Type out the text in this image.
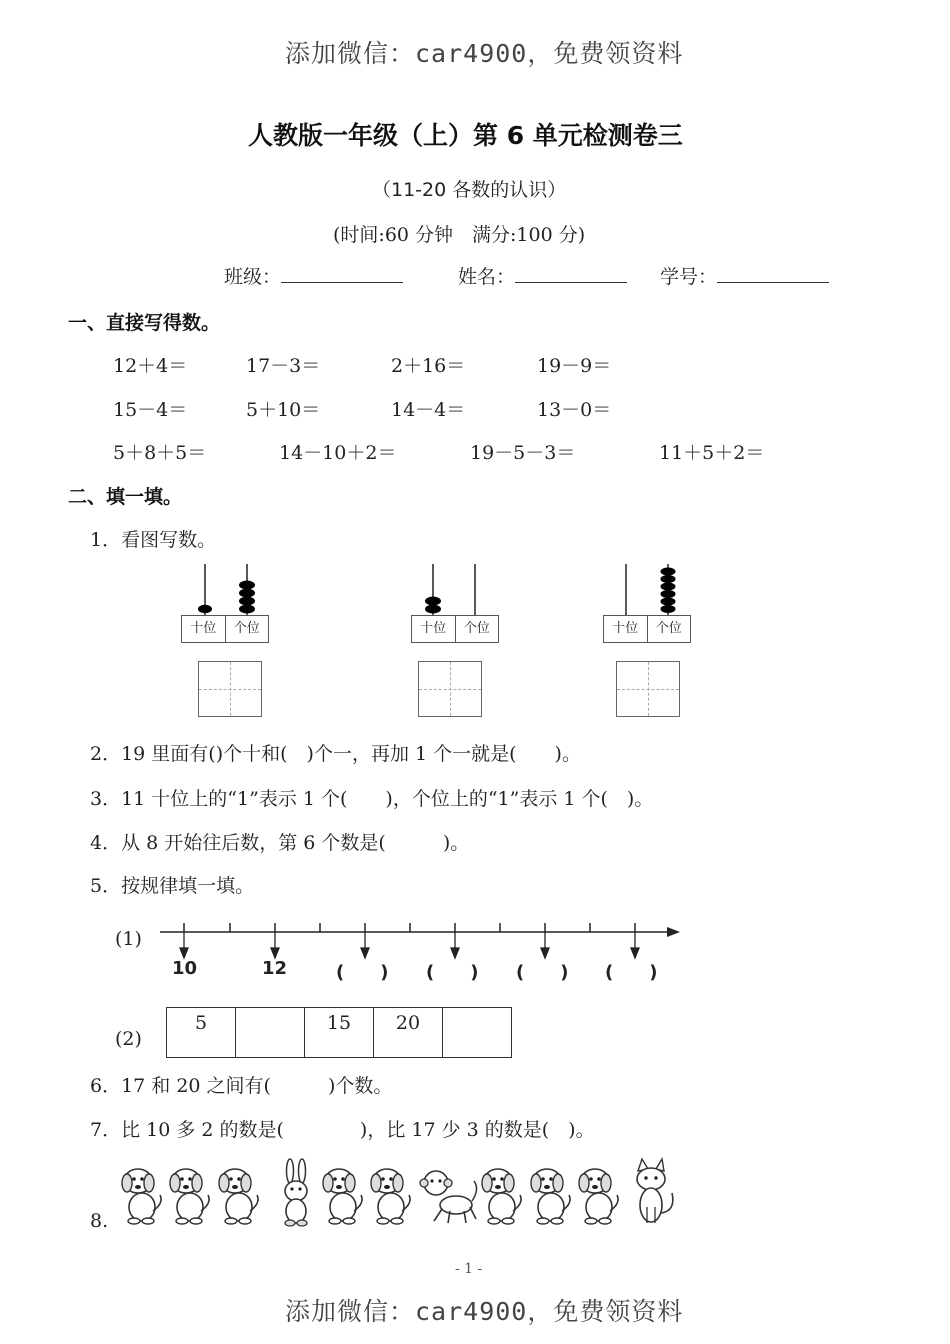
添加微信：car4900，免费领资料
人教版一年级（上）第 6 单元检测卷三
（11-20 各数的认识）
(时间:60 分钟　满分:100 分)
班级：	姓名：	学号：
一、直接写得数。
12＋4＝	17－3＝	2＋16＝	19－9＝
15－4＝	5＋10＝	14－4＝	13－0＝
5＋8＋5＝	14－10＋2＝	19－5－3＝	11＋5＋2＝
二、填一填。
1．看图写数。
十位	个位	十位	个位	十位	个位
2．19 里面有()个十和(　)个一，再加 1 个一就是(　　)。
3．11 十位上的“1”表示 1 个(　　)，个位上的“1”表示 1 个(　)。
4．从 8 开始往后数，第 6 个数是(　　　)。
5．按规律填一填。
(1)
10	12	(　　) (　　) (　　) (　　)
(2)
5		15	20	
6．17 和 20 之间有(　　　)个数。
7．比 10 多 2 的数是(　　　　)，比 17 少 3 的数是(　)。
8.
- 1 -
添加微信：car4900，免费领资料
